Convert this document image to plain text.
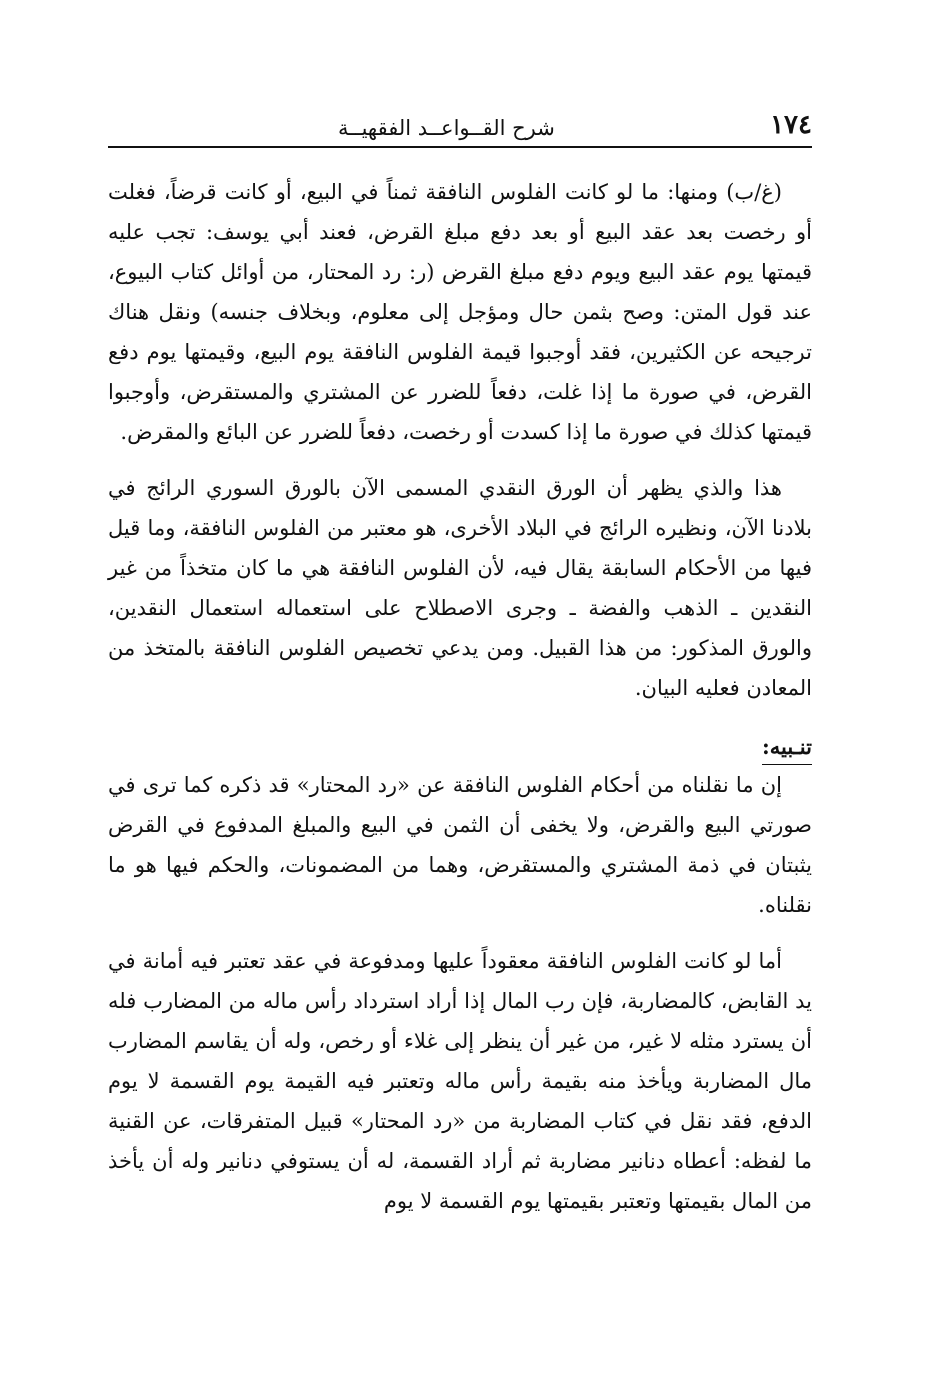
١٧٤
شرح القــواعــد الفقهيــة

(غ/ب) ومنها: ما لو كانت الفلوس النافقة ثمناً في البيع، أو كانت قرضاً، فغلت أو رخصت بعد عقد البيع أو بعد دفع مبلغ القرض، فعند أبي يوسف: تجب عليه قيمتها يوم عقد البيع ويوم دفع مبلغ القرض (ر: رد المحتار، من أوائل كتاب البيوع، عند قول المتن: وصح بثمن حال ومؤجل إلى معلوم، وبخلاف جنسه) ونقل هناك ترجيحه عن الكثيرين، فقد أوجبوا قيمة الفلوس النافقة يوم البيع، وقيمتها يوم دفع القرض، في صورة ما إذا غلت، دفعاً للضرر عن المشتري والمستقرض، وأوجبوا قيمتها كذلك في صورة ما إذا كسدت أو رخصت، دفعاً للضرر عن البائع والمقرض.

هذا والذي يظهر أن الورق النقدي المسمى الآن بالورق السوري الرائج في بلادنا الآن، ونظيره الرائج في البلاد الأخرى، هو معتبر من الفلوس النافقة، وما قيل فيها من الأحكام السابقة يقال فيه، لأن الفلوس النافقة هي ما كان متخذاً من غير النقدين ـ الذهب والفضة ـ وجرى الاصطلاح على استعماله استعمال النقدين، والورق المذكور: من هذا القبيل. ومن يدعي تخصيص الفلوس النافقة بالمتخذ من المعادن فعليه البيان.

تنـبيه:

إن ما نقلناه من أحكام الفلوس النافقة عن «رد المحتار» قد ذكره كما ترى في صورتي البيع والقرض، ولا يخفى أن الثمن في البيع والمبلغ المدفوع في القرض يثبتان في ذمة المشتري والمستقرض، وهما من المضمونات، والحكم فيها هو ما نقلناه.

أما لو كانت الفلوس النافقة معقوداً عليها ومدفوعة في عقد تعتبر فيه أمانة في يد القابض، كالمضاربة، فإن رب المال إذا أراد استرداد رأس ماله من المضارب فله أن يسترد مثله لا غير، من غير أن ينظر إلى غلاء أو رخص، وله أن يقاسم المضارب مال المضاربة ويأخذ منه بقيمة رأس ماله وتعتبر فيه القيمة يوم القسمة لا يوم الدفع، فقد نقل في كتاب المضاربة من «رد المحتار» قبيل المتفرقات، عن القنية ما لفظه: أعطاه دنانير مضاربة ثم أراد القسمة، له أن يستوفي دنانير وله أن يأخذ من المال بقيمتها وتعتبر بقيمتها يوم القسمة لا يوم
